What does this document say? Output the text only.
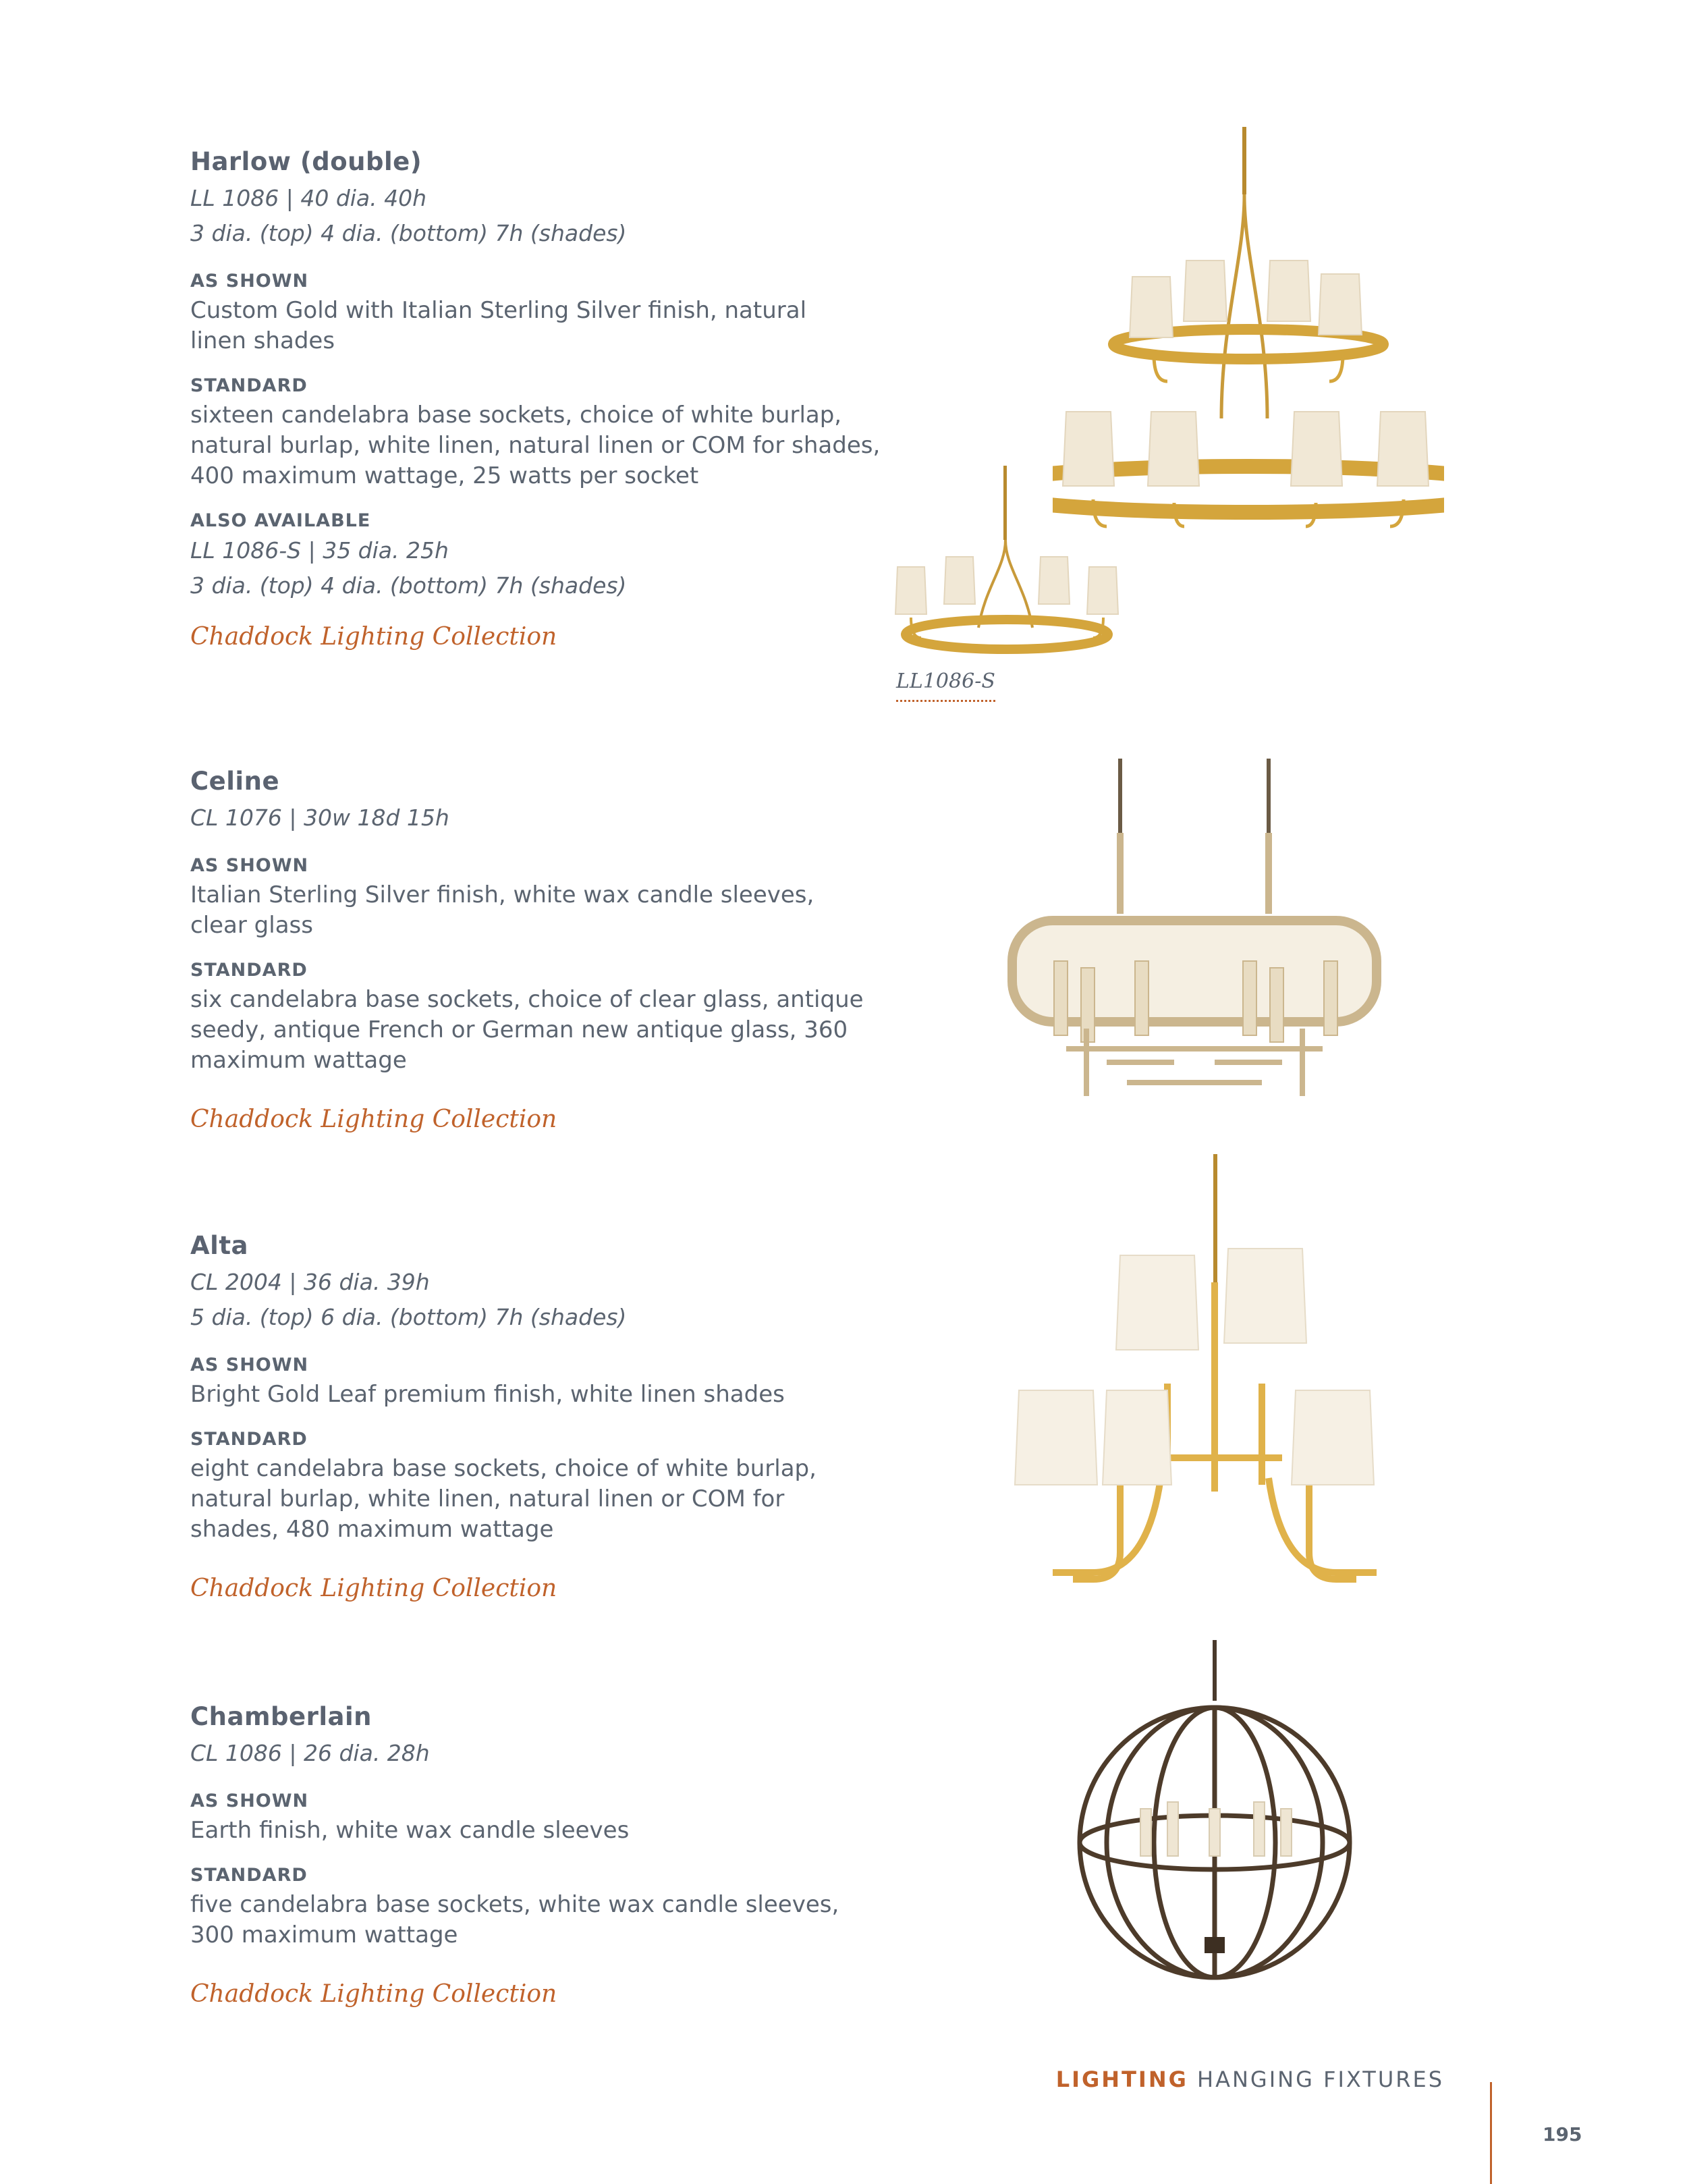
Harlow (double)
LL 1086 | 40 dia. 40h
3 dia. (top) 4 dia. (bottom) 7h (shades)
AS SHOWN

Custom Gold with Italian Sterling Silver finish, natural linen shades

STANDARD

sixteen candelabra base sockets, choice of white burlap, natural burlap, white linen, natural linen or COM for shades, 400 maximum wattage, 25 watts per socket

ALSO AVAILABLE
LL 1086-S | 35 dia. 25h
3 dia. (top) 4 dia. (bottom) 7h (shades)
Chaddock Lighting Collection
LL1086-S
Celine
CL 1076 | 30w 18d 15h
AS SHOWN

Italian Sterling Silver finish, white wax candle sleeves, clear glass

STANDARD

six candelabra base sockets, choice of clear glass, antique seedy, antique French or German new antique glass, 360 maximum wattage

Chaddock Lighting Collection
Alta
CL 2004 | 36 dia. 39h
5 dia. (top) 6 dia. (bottom) 7h (shades)
AS SHOWN

Bright Gold Leaf premium finish, white linen shades

STANDARD

eight candelabra base sockets, choice of white burlap, natural burlap, white linen, natural linen or COM for shades, 480 maximum wattage

Chaddock Lighting Collection
Chamberlain
CL 1086 | 26 dia. 28h
AS SHOWN

Earth finish, white wax candle sleeves

STANDARD

five candelabra base sockets, white wax candle sleeves, 300 maximum wattage

Chaddock Lighting Collection
LIGHTING HANGING FIXTURES
195
